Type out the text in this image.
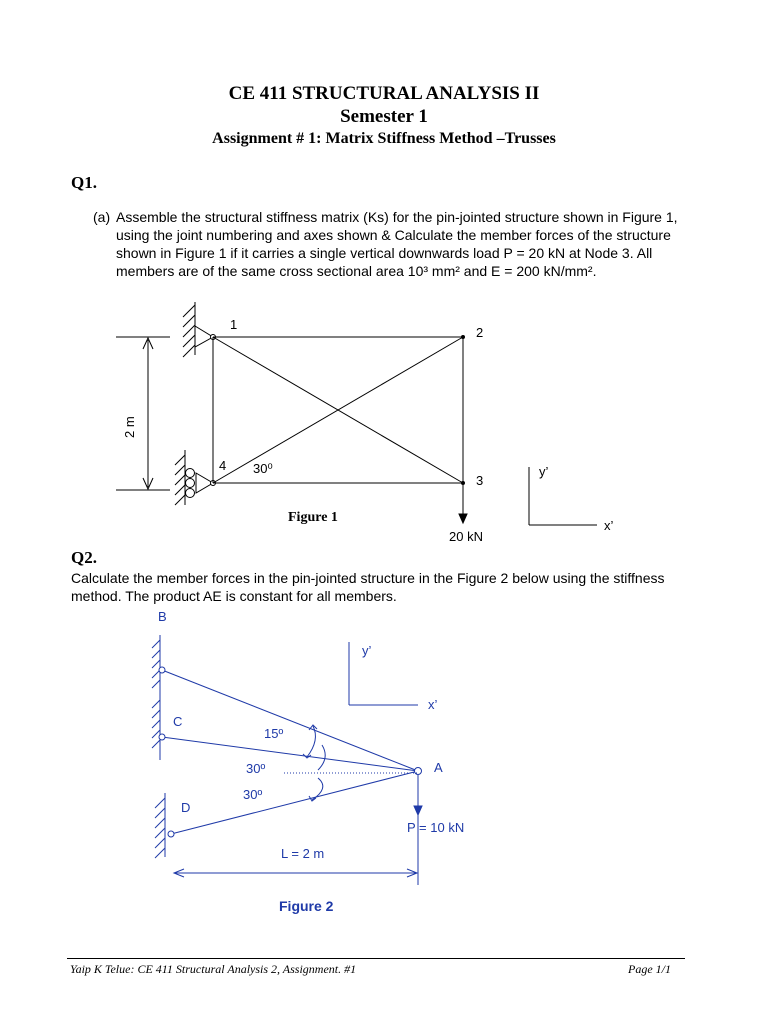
CE 411 STRUCTURAL ANALYSIS II
Semester 1
Assignment # 1: Matrix Stiffness Method –Trusses
Q1.
(a) Assemble the structural stiffness matrix (Ks) for the pin-jointed structure shown in Figure 1, using the joint numbering and axes shown & Calculate the member forces of the structure shown in Figure 1 if it carries a single vertical downwards load P = 20 kN at Node 3. All members are of the same cross sectional area 10³ mm² and E = 200 kN/mm².
1
2
3
4 30⁰
2 m
20 kN
y’
x’
Figure 1
Q2.
Calculate the member forces in the pin-jointed structure in the Figure 2 below using the stiffness method. The product AE is constant for all members.
B
C
D
A
15º
30º
30º
P = 10 kN
L = 2 m
y’
x’
Figure 2
Yaip K Telue: CE 411 Structural Analysis 2, Assignment. #1	Page 1/1
